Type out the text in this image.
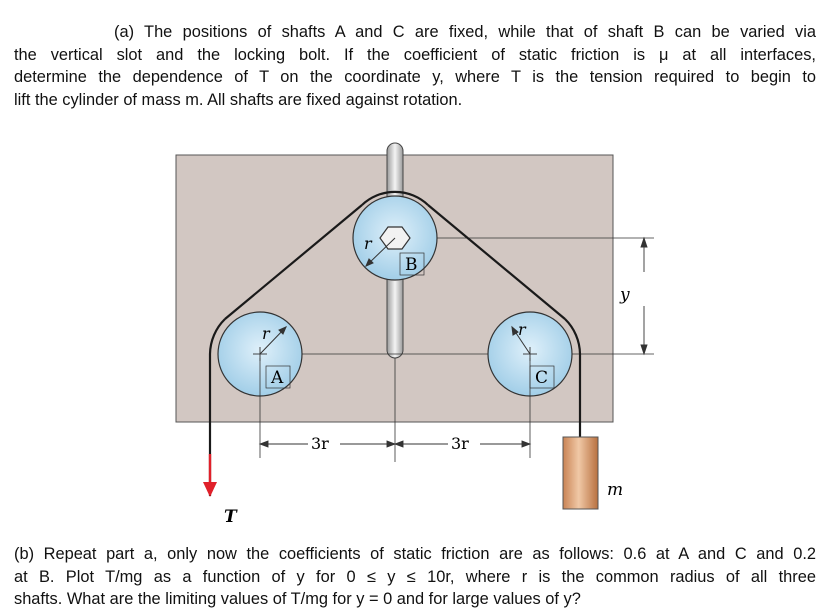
(a) The positions of shafts A and C are fixed, while that of shaft B can be varied via
the vertical slot and the locking bolt. If the coefficient of static friction is μ at all interfaces,
determine the dependence of T on the coordinate y, where T is the tension required to begin to
lift the cylinder of mass m. All shafts are fixed against rotation.
A
B
C
r
r
r
3r	3r
y
m
T
(b) Repeat part a, only now the coefficients of static friction are as follows: 0.6 at A and C and 0.2
at B. Plot T/mg as a function of y for 0 ≤ y ≤ 10r, where r is the common radius of all three
shafts. What are the limiting values of T/mg for y = 0 and for large values of y?
